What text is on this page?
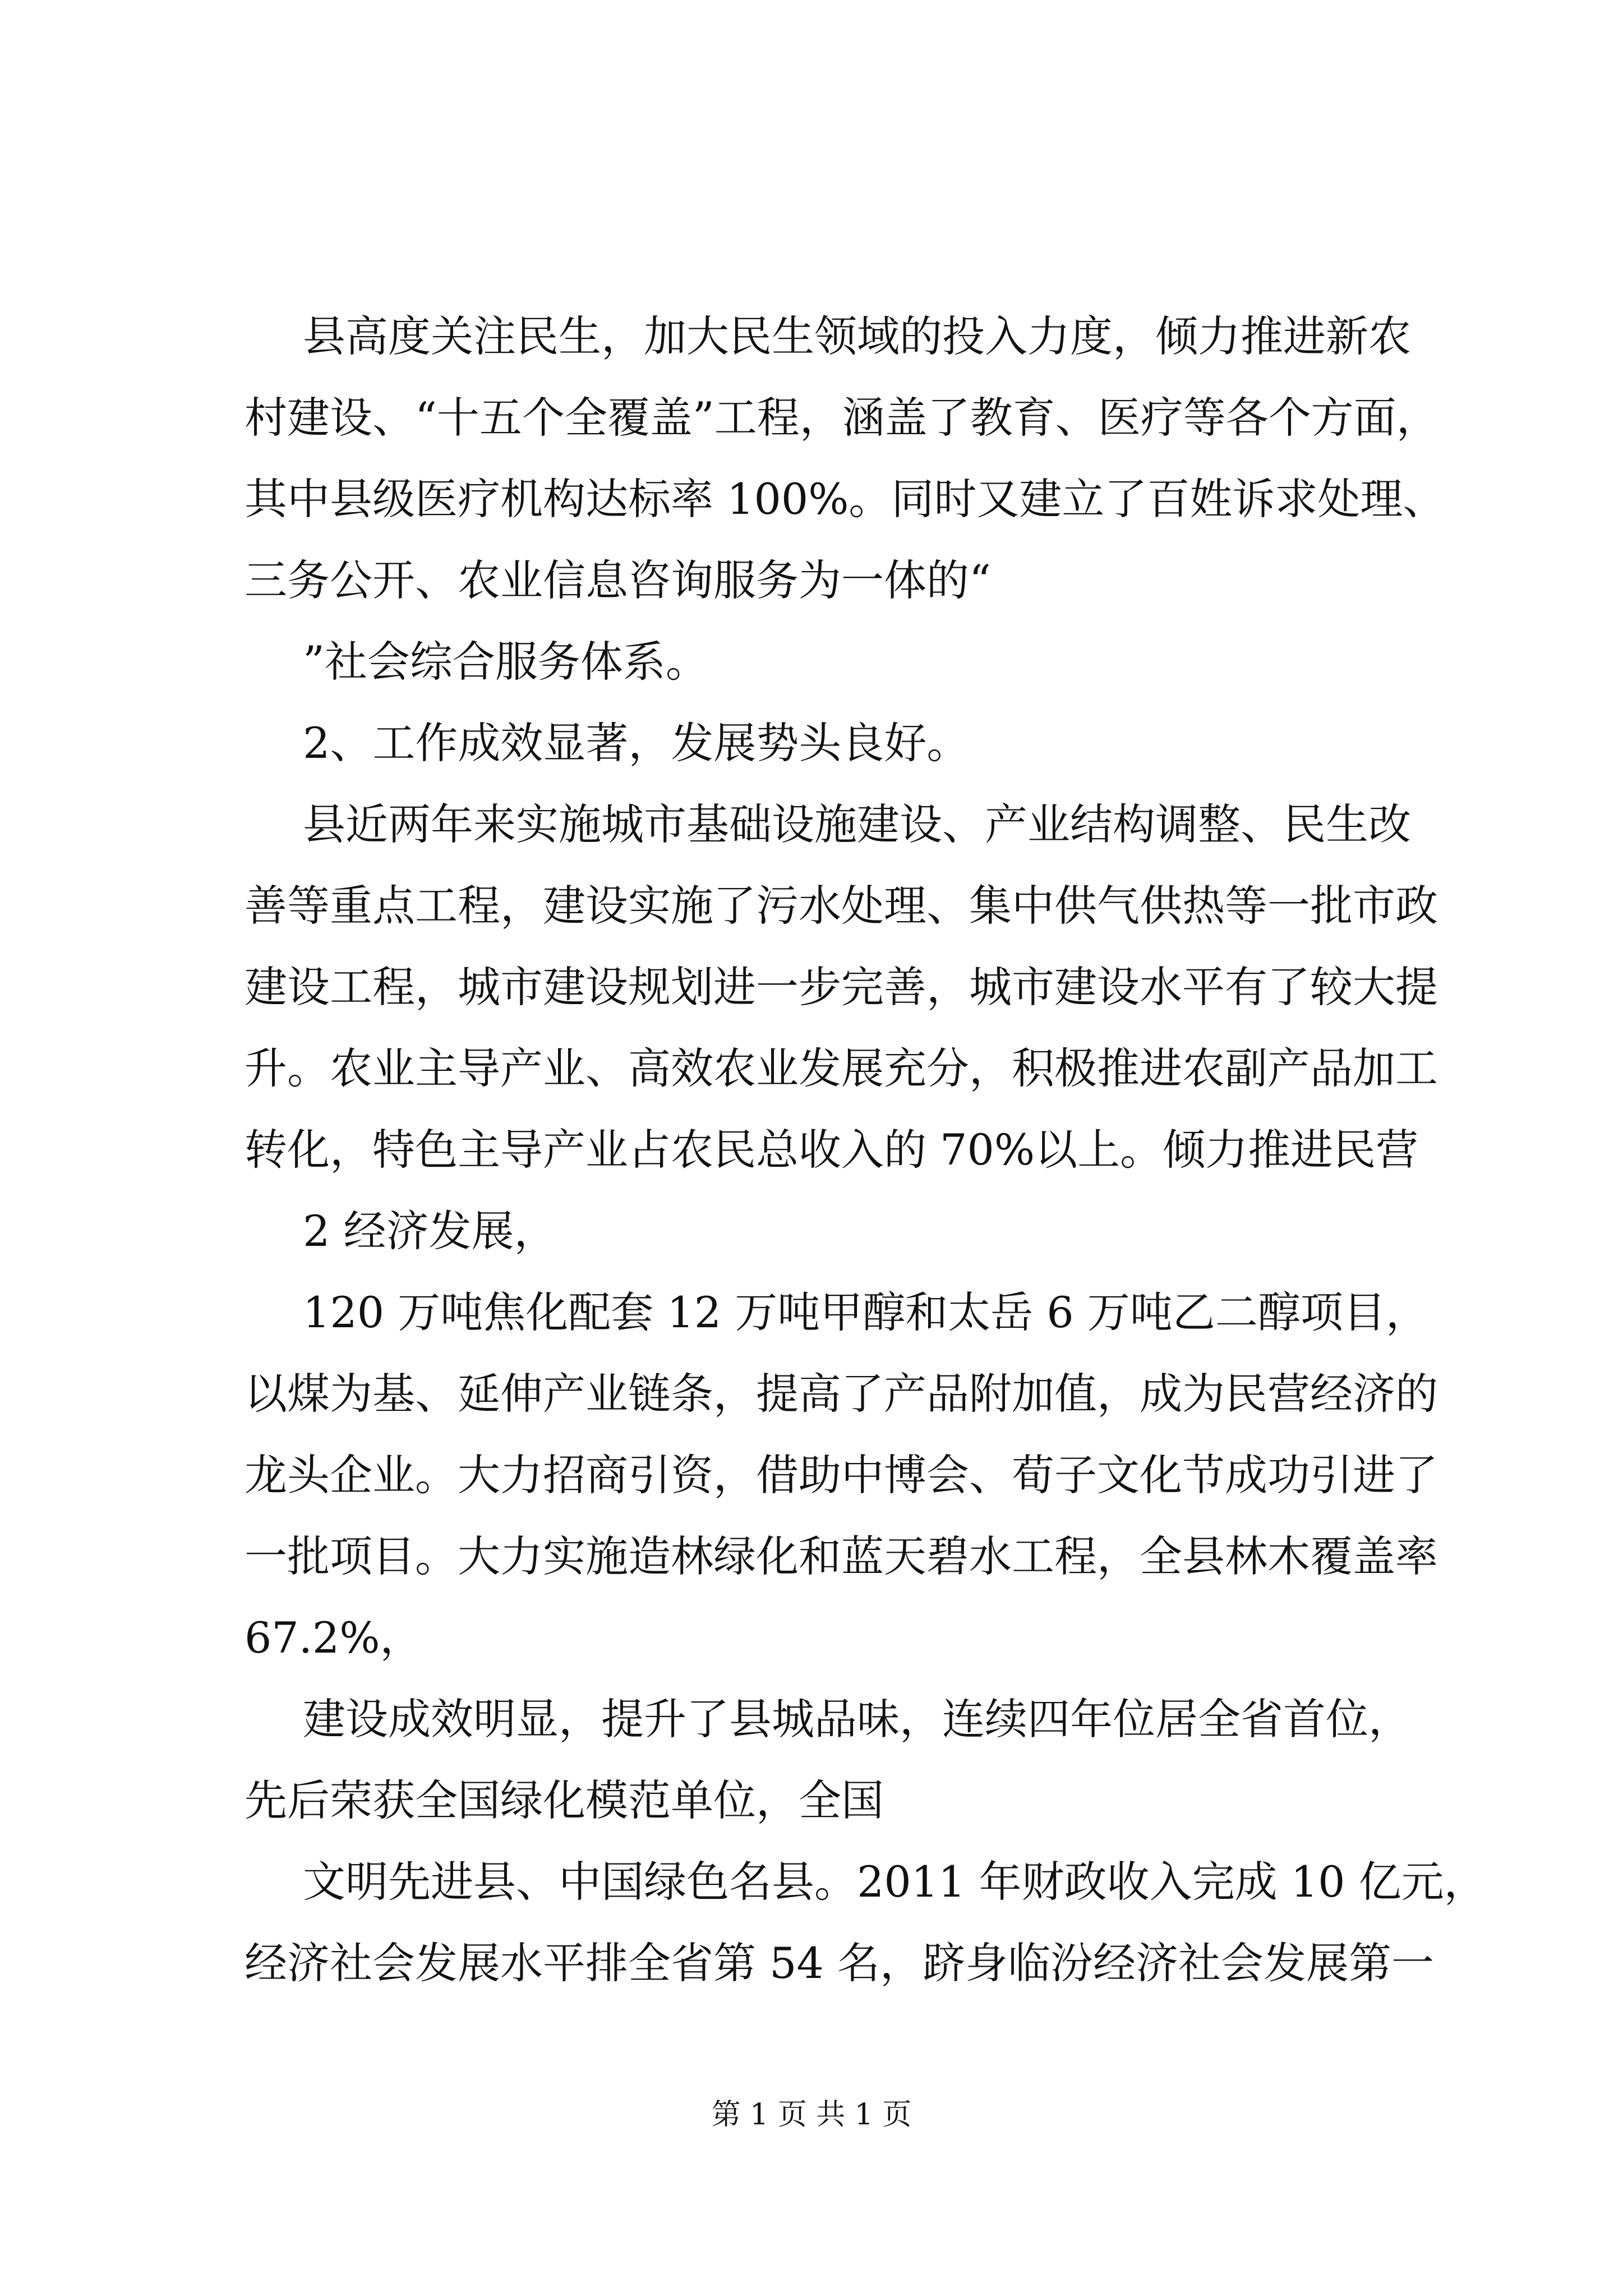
县高度关注民生，加大民生领域的投入力度，倾力推进新农
村建设、“十五个全覆盖”工程，涵盖了教育、医疗等各个方面，
其中县级医疗机构达标率 100%。同时又建立了百姓诉求处理、
三务公开、农业信息咨询服务为一体的“
”社会综合服务体系。
2、工作成效显著，发展势头良好。
县近两年来实施城市基础设施建设、产业结构调整、民生改
善等重点工程，建设实施了污水处理、集中供气供热等一批市政
建设工程，城市建设规划进一步完善，城市建设水平有了较大提
升。农业主导产业、高效农业发展充分，积极推进农副产品加工
转化，特色主导产业占农民总收入的 70%以上。倾力推进民营
2 经济发展，
120 万吨焦化配套 12 万吨甲醇和太岳 6 万吨乙二醇项目，
以煤为基、延伸产业链条，提高了产品附加值，成为民营经济的
龙头企业。大力招商引资，借助中博会、荀子文化节成功引进了
一批项目。大力实施造林绿化和蓝天碧水工程，全县林木覆盖率
67.2%，
建设成效明显，提升了县城品味，连续四年位居全省首位，
先后荣获全国绿化模范单位，全国
文明先进县、中国绿色名县。2011 年财政收入完成 10 亿元，
经济社会发展水平排全省第 54 名，跻身临汾经济社会发展第一
第 1 页 共 1 页
